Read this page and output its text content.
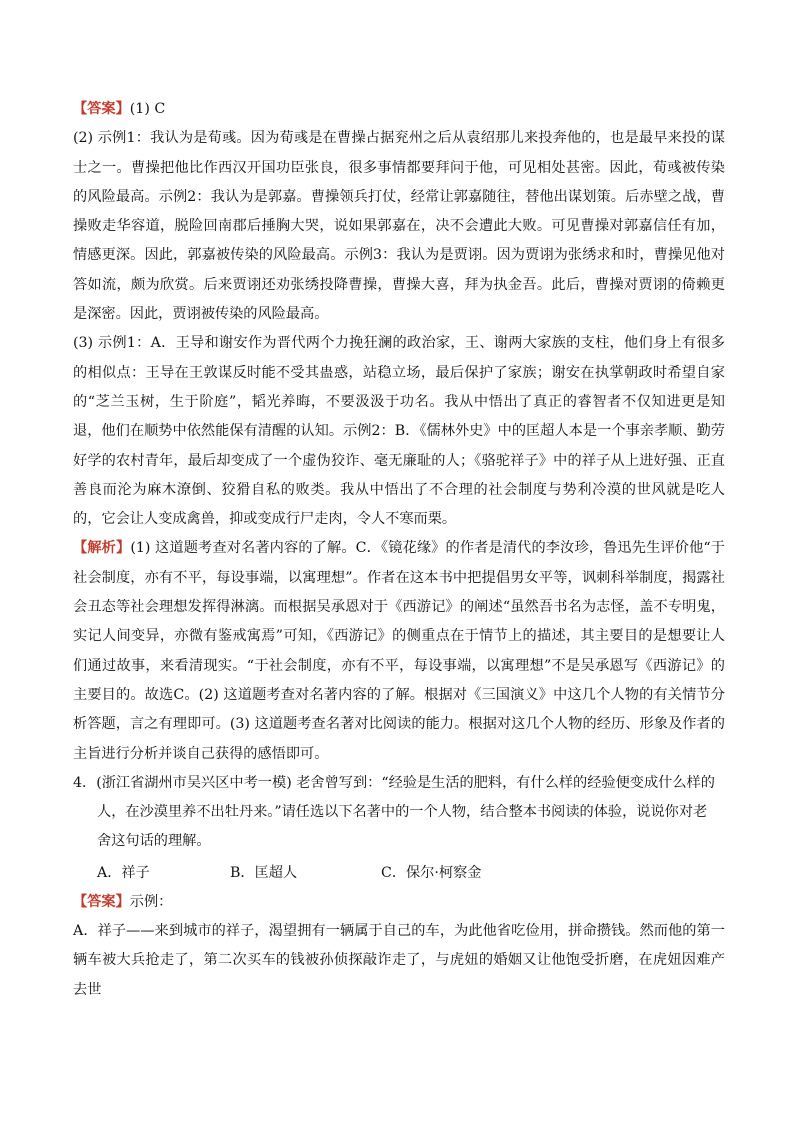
【答案】(1) C

(2) 示例1：我认为是荀彧。因为荀彧是在曹操占据兖州之后从袁绍那儿来投奔他的，也是最早来投的谋士之一。曹操把他比作西汉开国功臣张良，很多事情都要拜问于他，可见相处甚密。因此，荀彧被传染的风险最高。示例2：我认为是郭嘉。曹操领兵打仗，经常让郭嘉随往，替他出谋划策。后赤壁之战，曹操败走华容道，脱险回南郡后捶胸大哭，说如果郭嘉在，决不会遭此大败。可见曹操对郭嘉信任有加，情感更深。因此，郭嘉被传染的风险最高。示例3：我认为是贾诩。因为贾诩为张绣求和时，曹操见他对答如流，颇为欣赏。后来贾诩还劝张绣投降曹操，曹操大喜，拜为执金吾。此后，曹操对贾诩的倚赖更是深密。因此，贾诩被传染的风险最高。

(3) 示例1：A．王导和谢安作为晋代两个力挽狂澜的政治家，王、谢两大家族的支柱，他们身上有很多的相似点：王导在王敦谋反时能不受其蛊惑，站稳立场，最后保护了家族；谢安在执掌朝政时希望自家的“芝兰玉树，生于阶庭”，韬光养晦，不要汲汲于功名。我从中悟出了真正的睿智者不仅知进更是知退，他们在顺势中依然能保有清醒的认知。示例2：B．《儒林外史》中的匡超人本是一个事亲孝顺、勤劳好学的农村青年，最后却变成了一个虚伪狡诈、毫无廉耻的人；《骆驼祥子》中的祥子从上进好强、正直善良而沦为麻木潦倒、狡猾自私的败类。我从中悟出了不合理的社会制度与势利冷漠的世风就是吃人的，它会让人变成禽兽，抑或变成行尸走肉，令人不寒而栗。

【解析】(1) 这道题考查对名著内容的了解。C．《镜花缘》的作者是清代的李汝珍，鲁迅先生评价他“于社会制度，亦有不平，每设事端，以寓理想”。作者在这本书中把提倡男女平等，讽刺科举制度，揭露社会丑态等社会理想发挥得淋漓。而根据吴承恩对于《西游记》的阐述“虽然吾书名为志怪，盖不专明鬼，实记人间变异，亦微有鉴戒寓焉”可知，《西游记》的侧重点在于情节上的描述，其主要目的是想要让人们通过故事，来看清现实。“于社会制度，亦有不平，每设事端，以寓理想”不是吴承恩写《西游记》的主要目的。故选C。(2) 这道题考查对名著内容的了解。根据对《三国演义》中这几个人物的有关情节分析答题，言之有理即可。(3) 这道题考查名著对比阅读的能力。根据对这几个人物的经历、形象及作者的主旨进行分析并谈自己获得的感悟即可。

4．(浙江省湖州市吴兴区中考一模) 老舍曾写到：“经验是生活的肥料，有什么样的经验便变成什么样的

人，在沙漠里养不出牡丹来。”请任选以下名著中的一个人物，结合整本书阅读的体验，说说你对老

舍这句话的理解。

A．祥子	B．匡超人	C．保尔·柯察金

【答案】示例：

A．祥子——来到城市的祥子，渴望拥有一辆属于自己的车，为此他省吃俭用，拼命攒钱。然而他的第一辆车被大兵抢走了，第二次买车的钱被孙侦探敲诈走了，与虎妞的婚姻又让他饱受折磨，在虎妞因难产去世
